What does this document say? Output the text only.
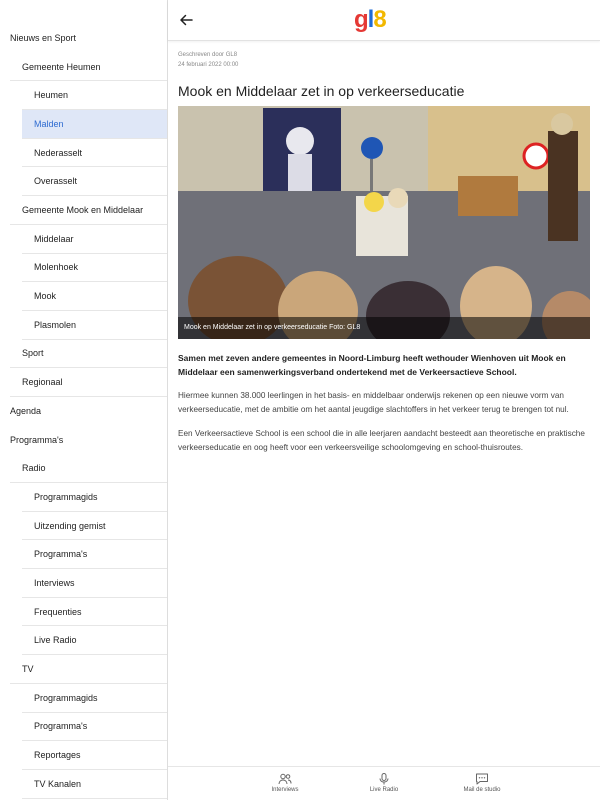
Nieuws en Sport
Gemeente Heumen
Heumen
Malden
Nederasselt
Overasselt
Gemeente Mook en Middelaar
Middelaar
Molenhoek
Mook
Plasmolen
Sport
Regionaal
Agenda
Programma's
Radio
Programmagids
Uitzending gemist
Programma's
Interviews
Frequenties
Live Radio
TV
Programmagids
Programma's
Reportages
TV Kanalen
gl8
Geschreven door GL8
24 februari 2022 00:00
Mook en Middelaar zet in op verkeerseducatie
Mook en Middelaar zet in op verkeerseducatie Foto: GL8

Samen met zeven andere gemeentes in Noord-Limburg heeft wethouder Wienhoven uit Mook en Middelaar een samenwerkingsverband ondertekend met de Verkeersactieve School.

Hiermee kunnen 38.000 leerlingen in het basis- en middelbaar onderwijs rekenen op een nieuwe vorm van verkeerseducatie, met de ambitie om het aantal jeugdige slachtoffers in het verkeer terug te brengen tot nul.

Een Verkeersactieve School is een school die in alle leerjaren aandacht besteedt aan theoretische en praktische verkeerseducatie en oog heeft voor een verkeersveilige schoolomgeving en school-thuisroutes.

Interviews	Live Radio	Mail de studio
